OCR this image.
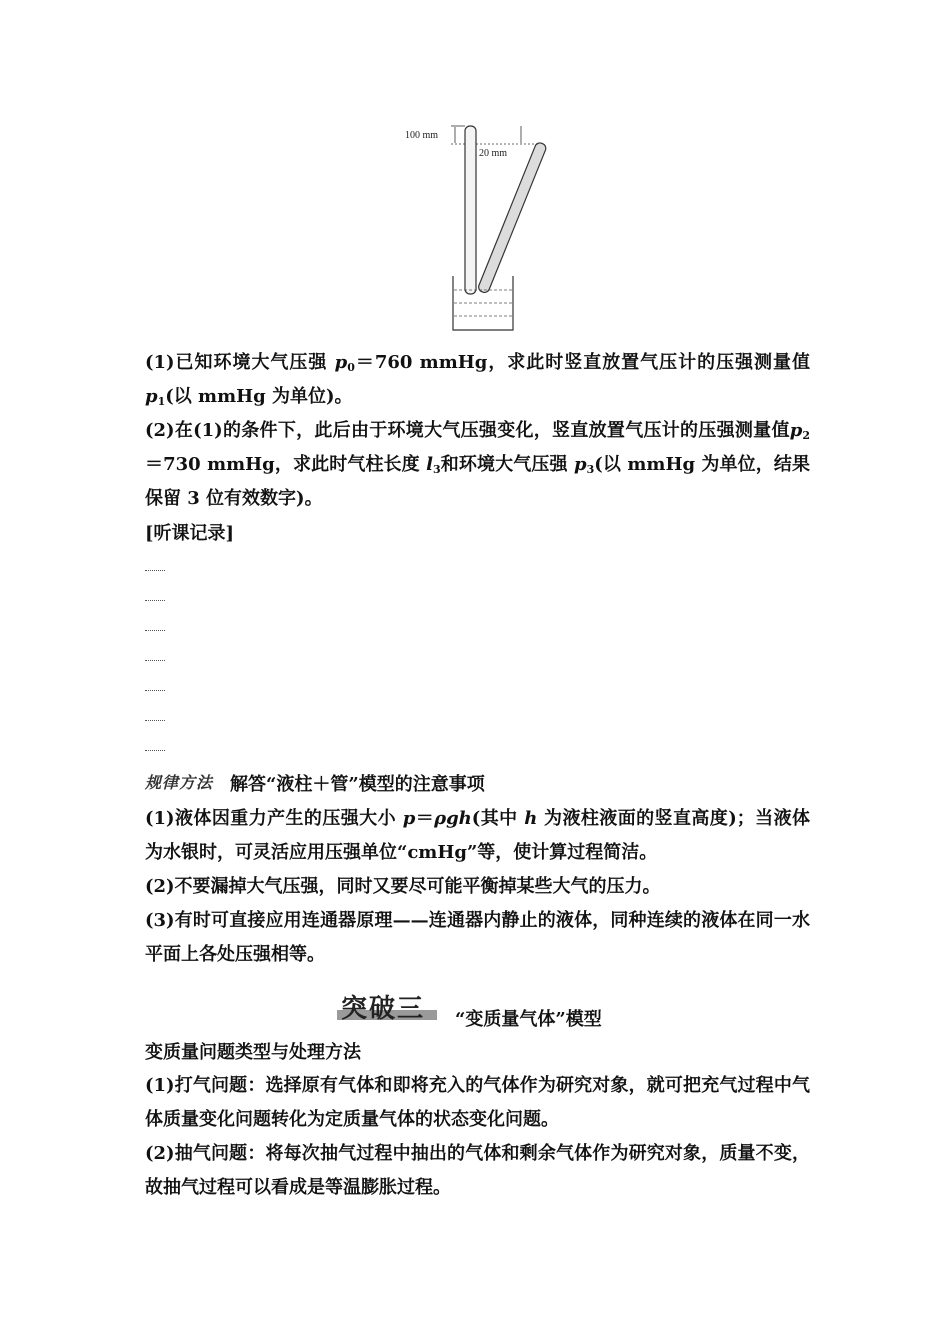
100 mm
20 mm

(1)已知环境大气压强 $p_0=760$ mmHg，求此时竖直放置气压计的压强测量值$p_1$(以 mmHg 为单位)。

(2)在(1)的条件下，此后由于环境大气压强变化，竖直放置气压计的压强测量值$p_2=730$ mmHg，求此时气柱长度 $l_3$和环境大气压强 $p_3$(以 mmHg 为单位，结果保留 3 位有效数字)。

[听课记录]

规律方法 解答“液柱＋管”模型的注意事项

(1)液体因重力产生的压强大小 p＝ρgh(其中 h 为液柱液面的竖直高度)；当液体为水银时，可灵活应用压强单位“cmHg”等，使计算过程简洁。

(2)不要漏掉大气压强，同时又要尽可能平衡掉某些大气的压力。

(3)有时可直接应用连通器原理——连通器内静止的液体，同种连续的液体在同一水平面上各处压强相等。

突破三 “变质量气体”模型

变质量问题类型与处理方法

(1)打气问题：选择原有气体和即将充入的气体作为研究对象，就可把充气过程中气体质量变化问题转化为定质量气体的状态变化问题。

(2)抽气问题：将每次抽气过程中抽出的气体和剩余气体作为研究对象，质量不变，故抽气过程可以看成是等温膨胀过程。
